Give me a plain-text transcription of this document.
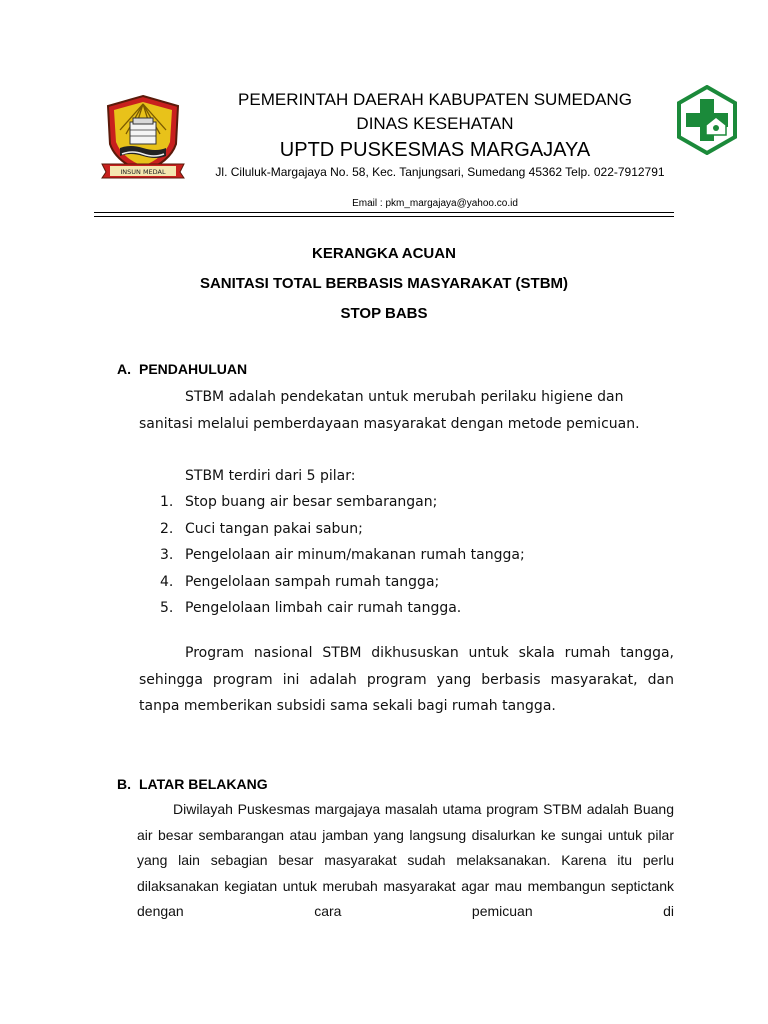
INSUN MEDAL
PEMERINTAH DAERAH KABUPATEN SUMEDANG
DINAS KESEHATAN
UPTD PUSKESMAS MARGAJAYA
Jl. Ciluluk-Margajaya No. 58, Kec. Tanjungsari, Sumedang 45362 Telp. 022-7912791
Email : pkm_margajaya@yahoo.co.id
KERANGKA ACUAN
SANITASI TOTAL BERBASIS MASYARAKAT (STBM)
STOP BABS
A. PENDAHULUAN
STBM adalah pendekatan untuk merubah perilaku higiene dan sanitasi melalui pemberdayaan masyarakat dengan metode pemicuan.
STBM terdiri dari 5 pilar:
1. Stop buang air besar sembarangan;
2. Cuci tangan pakai sabun;
3. Pengelolaan air minum/makanan rumah tangga;
4. Pengelolaan sampah rumah tangga;
5. Pengelolaan limbah cair rumah tangga.
Program nasional STBM dikhususkan untuk skala rumah tangga, sehingga program ini adalah program yang berbasis masyarakat, dan tanpa memberikan subsidi sama sekali bagi rumah tangga.
B. LATAR BELAKANG
Diwilayah Puskesmas margajaya masalah utama program STBM adalah Buang air besar sembarangan atau jamban yang langsung disalurkan ke sungai untuk pilar yang lain sebagian besar masyarakat sudah melaksanakan. Karena itu perlu dilaksanakan kegiatan untuk merubah masyarakat agar mau membangun septictank dengan cara pemicuan di
